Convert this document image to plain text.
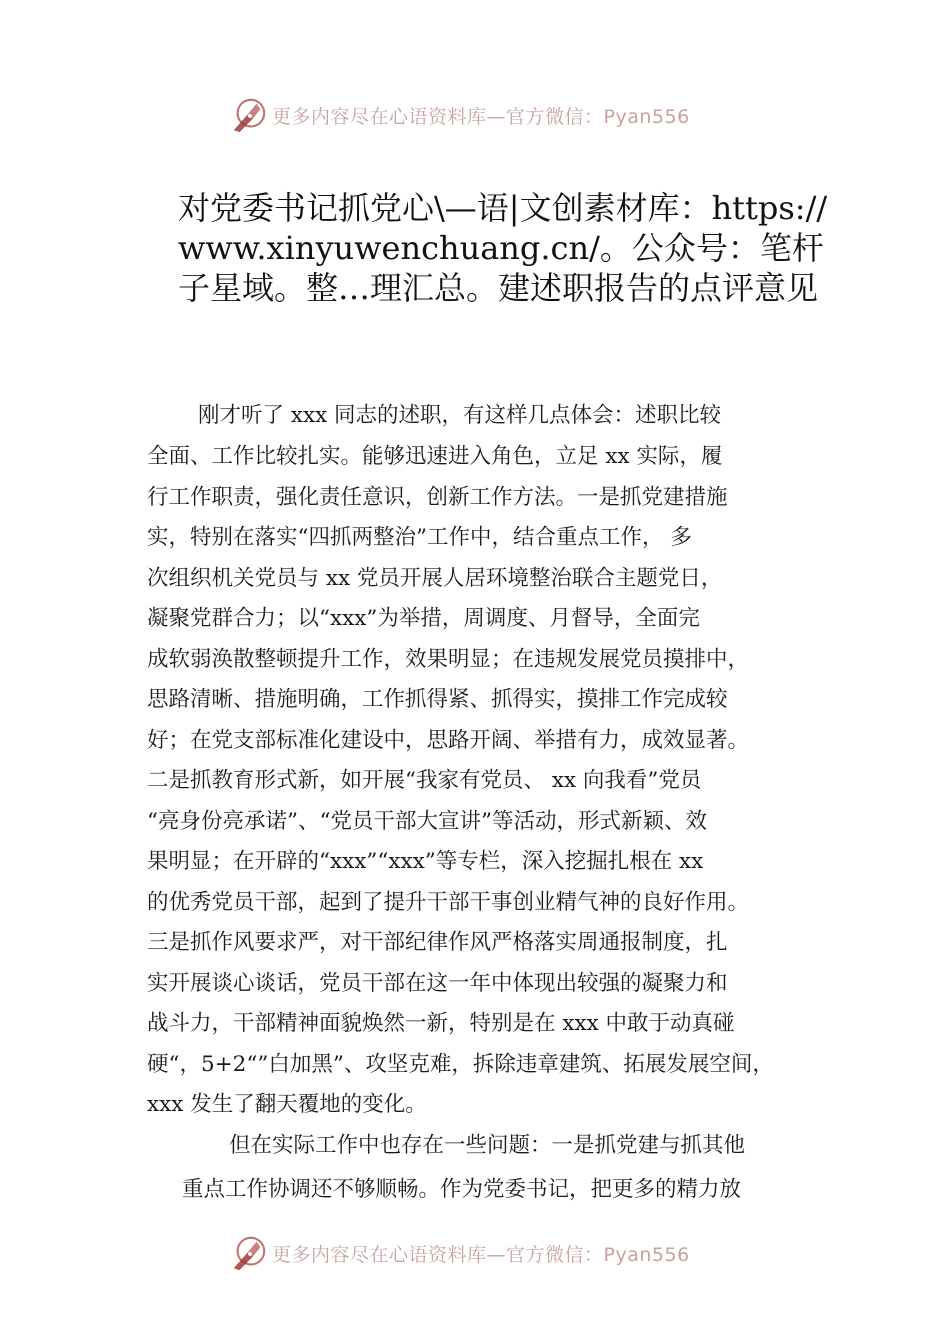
更多内容尽在心语资料库—官方微信：Pyan556
对党委书记抓党心\—语|文创素材库：https://www.xinyuwenchuang.cn/。公众号：笔杆子星域。整…理汇总。建述职报告的点评意见
刚才听了 xxx 同志的述职，有这样几点体会：述职比较
全面、工作比较扎实。能够迅速进入角色，立足 xx 实际，履
行工作职责，强化责任意识，创新工作方法。一是抓党建措施
实，特别在落实“四抓两整治”工作中，结合重点工作， 多
次组织机关党员与 xx 党员开展人居环境整治联合主题党日，
凝聚党群合力；以“xxx”为举措，周调度、月督导，全面完
成软弱涣散整顿提升工作，效果明显；在违规发展党员摸排中，
思路清晰、措施明确，工作抓得紧、抓得实，摸排工作完成较
好；在党支部标准化建设中，思路开阔、举措有力，成效显著。
二是抓教育形式新，如开展“我家有党员、 xx 向我看”党员
“亮身份亮承诺”、“党员干部大宣讲”等活动，形式新颖、效
果明显；在开辟的“xxx”“xxx”等专栏，深入挖掘扎根在 xx
的优秀党员干部，起到了提升干部干事创业精气神的良好作用。
三是抓作风要求严，对干部纪律作风严格落实周通报制度，扎
实开展谈心谈话，党员干部在这一年中体现出较强的凝聚力和
战斗力，干部精神面貌焕然一新，特别是在 xxx 中敢于动真碰
硬“，5+2“”白加黑”、攻坚克难，拆除违章建筑、拓展发展空间，
xxx 发生了翻天覆地的变化。
但在实际工作中也存在一些问题：一是抓党建与抓其他
重点工作协调还不够顺畅。作为党委书记，把更多的精力放
更多内容尽在心语资料库—官方微信：Pyan556
